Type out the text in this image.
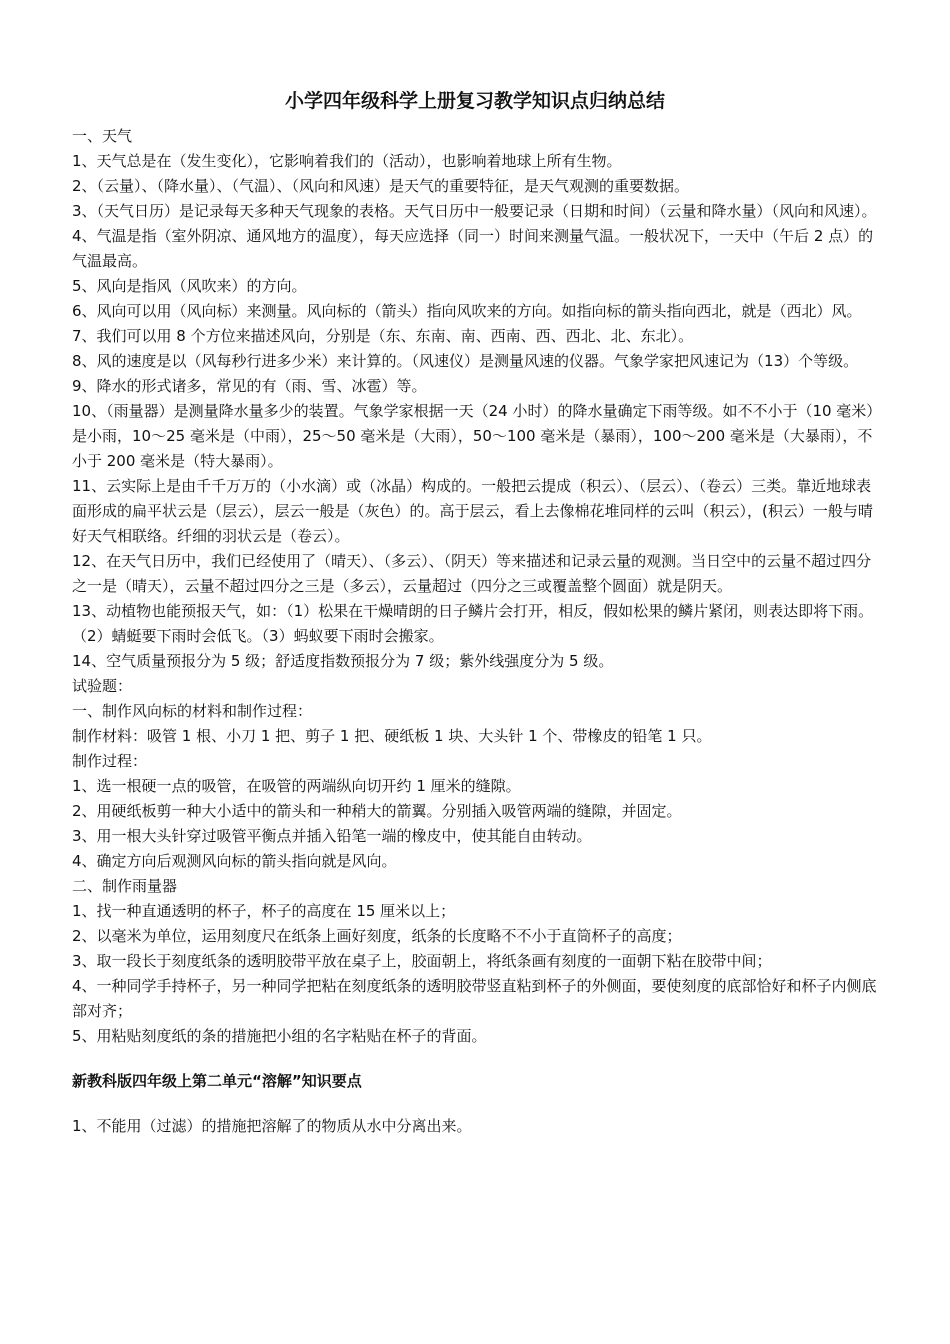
小学四年级科学上册复习教学知识点归纳总结

一、天气

1、天气总是在（发生变化），它影响着我们的（活动），也影响着地球上所有生物。

2、（云量）、（降水量）、（气温）、（风向和风速）是天气的重要特征，是天气观测的重要数据。

3、（天气日历）是记录每天多种天气现象的表格。天气日历中一般要记录（日期和时间）（云量和降水量）（风向和风速）。

4、气温是指（室外阴凉、通风地方的温度），每天应选择（同一）时间来测量气温。一般状况下，一天中（午后 2 点）的气温最高。

5、风向是指风（风吹来）的方向。

6、风向可以用（风向标）来测量。风向标的（箭头）指向风吹来的方向。如指向标的箭头指向西北，就是（西北）风。

7、我们可以用 8 个方位来描述风向，分别是（东、东南、南、西南、西、西北、北、东北）。

8、风的速度是以（风每秒行进多少米）来计算的。（风速仪）是测量风速的仪器。气象学家把风速记为（13）个等级。

9、降水的形式诸多，常见的有（雨、雪、冰雹）等。

10、（雨量器）是测量降水量多少的装置。气象学家根据一天（24 小时）的降水量确定下雨等级。如不不小于（10 毫米）是小雨，10～25 毫米是（中雨），25～50 毫米是（大雨），50～100 毫米是（暴雨），100～200 毫米是（大暴雨），不小于 200 毫米是（特大暴雨）。

11、云实际上是由千千万万的（小水滴）或（冰晶）构成的。一般把云提成（积云）、（层云）、（卷云）三类。靠近地球表面形成的扁平状云是（层云），层云一般是（灰色）的。高于层云，看上去像棉花堆同样的云叫（积云），(积云）一般与晴好天气相联络。纤细的羽状云是（卷云）。

12、在天气日历中，我们已经使用了（晴天）、（多云）、（阴天）等来描述和记录云量的观测。当日空中的云量不超过四分之一是（晴天），云量不超过四分之三是（多云），云量超过（四分之三或覆盖整个圆面）就是阴天。

13、动植物也能预报天气，如：（1）松果在干燥晴朗的日子鳞片会打开，相反，假如松果的鳞片紧闭，则表达即将下雨。（2）蜻蜓要下雨时会低飞。（3）蚂蚁要下雨时会搬家。

14、空气质量预报分为 5 级；舒适度指数预报分为 7 级；紫外线强度分为 5 级。

试验题：

一、制作风向标的材料和制作过程：

制作材料：吸管 1 根、小刀 1 把、剪子 1 把、硬纸板 1 块、大头针 1 个、带橡皮的铅笔 1 只。

制作过程：

1、选一根硬一点的吸管，在吸管的两端纵向切开约 1 厘米的缝隙。

2、用硬纸板剪一种大小适中的箭头和一种稍大的箭翼。分别插入吸管两端的缝隙，并固定。

3、用一根大头针穿过吸管平衡点并插入铅笔一端的橡皮中，使其能自由转动。

4、确定方向后观测风向标的箭头指向就是风向。

二、制作雨量器

1、找一种直通透明的杯子，杯子的高度在 15 厘米以上；

2、以毫米为单位，运用刻度尺在纸条上画好刻度，纸条的长度略不不小于直筒杯子的高度；

3、取一段长于刻度纸条的透明胶带平放在桌子上，胶面朝上，将纸条画有刻度的一面朝下粘在胶带中间；

4、一种同学手持杯子，另一种同学把粘在刻度纸条的透明胶带竖直粘到杯子的外侧面，要使刻度的底部恰好和杯子内侧底部对齐；

5、用粘贴刻度纸的条的措施把小组的名字粘贴在杯子的背面。

新教科版四年级上第二单元“溶解”知识要点

1、不能用（过滤）的措施把溶解了的物质从水中分离出来。
